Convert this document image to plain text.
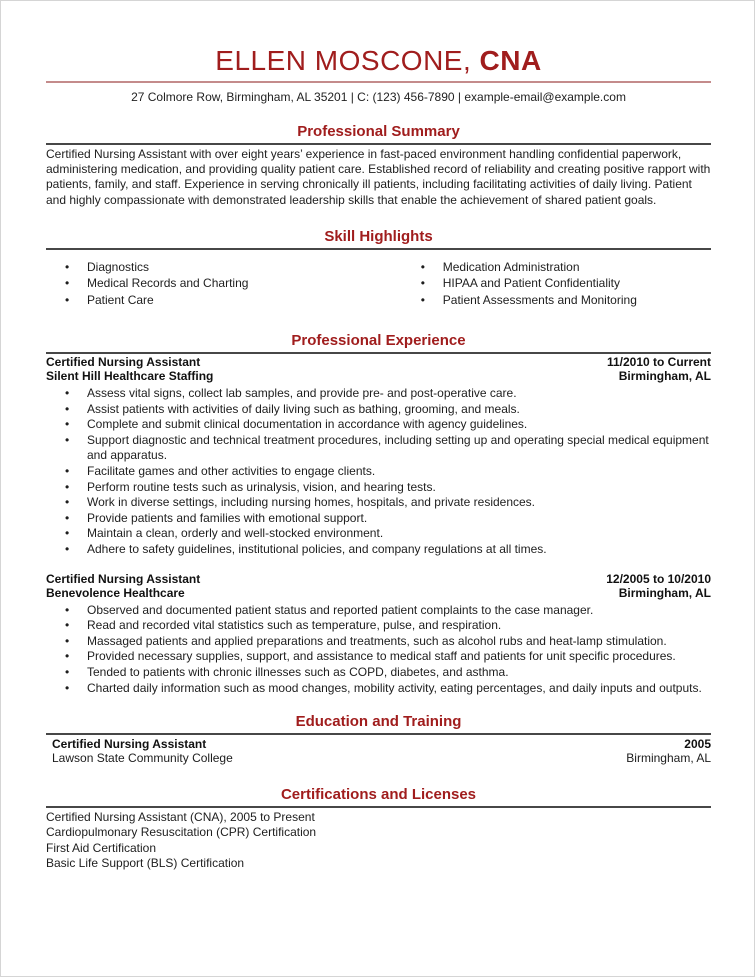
ELLEN MOSCONE, CNA
27 Colmore Row, Birmingham, AL 35201 | C: (123) 456-7890 | example-email@example.com
Professional Summary
Certified Nursing Assistant with over eight years’ experience in fast-paced environment handling confidential paperwork, administering medication, and providing quality patient care. Established record of reliability and creating positive rapport with patients, family, and staff. Experience in serving chronically ill patients, including facilitating activities of daily living. Patient and highly compassionate with demonstrated leadership skills that enable the achievement of shared patient goals.
Skill Highlights
• Diagnostics
• Medical Records and Charting
• Patient Care
• Medication Administration
• HIPAA and Patient Confidentiality
• Patient Assessments and Monitoring
Professional Experience
Certified Nursing Assistant	11/2010 to Current
Silent Hill Healthcare Staffing	Birmingham, AL
• Assess vital signs, collect lab samples, and provide pre- and post-operative care.
• Assist patients with activities of daily living such as bathing, grooming, and meals.
• Complete and submit clinical documentation in accordance with agency guidelines.
• Support diagnostic and technical treatment procedures, including setting up and operating special medical equipment and apparatus.
• Facilitate games and other activities to engage clients.
• Perform routine tests such as urinalysis, vision, and hearing tests.
• Work in diverse settings, including nursing homes, hospitals, and private residences.
• Provide patients and families with emotional support.
• Maintain a clean, orderly and well-stocked environment.
• Adhere to safety guidelines, institutional policies, and company regulations at all times.
Certified Nursing Assistant	12/2005 to 10/2010
Benevolence Healthcare	Birmingham, AL
• Observed and documented patient status and reported patient complaints to the case manager.
• Read and recorded vital statistics such as temperature, pulse, and respiration.
• Massaged patients and applied preparations and treatments, such as alcohol rubs and heat-lamp stimulation.
• Provided necessary supplies, support, and assistance to medical staff and patients for unit specific procedures.
• Tended to patients with chronic illnesses such as COPD, diabetes, and asthma.
• Charted daily information such as mood changes, mobility activity, eating percentages, and daily inputs and outputs.
Education and Training
Certified Nursing Assistant	2005
Lawson State Community College	Birmingham, AL
Certifications and Licenses
Certified Nursing Assistant (CNA), 2005 to Present
Cardiopulmonary Resuscitation (CPR) Certification
First Aid Certification
Basic Life Support (BLS) Certification
